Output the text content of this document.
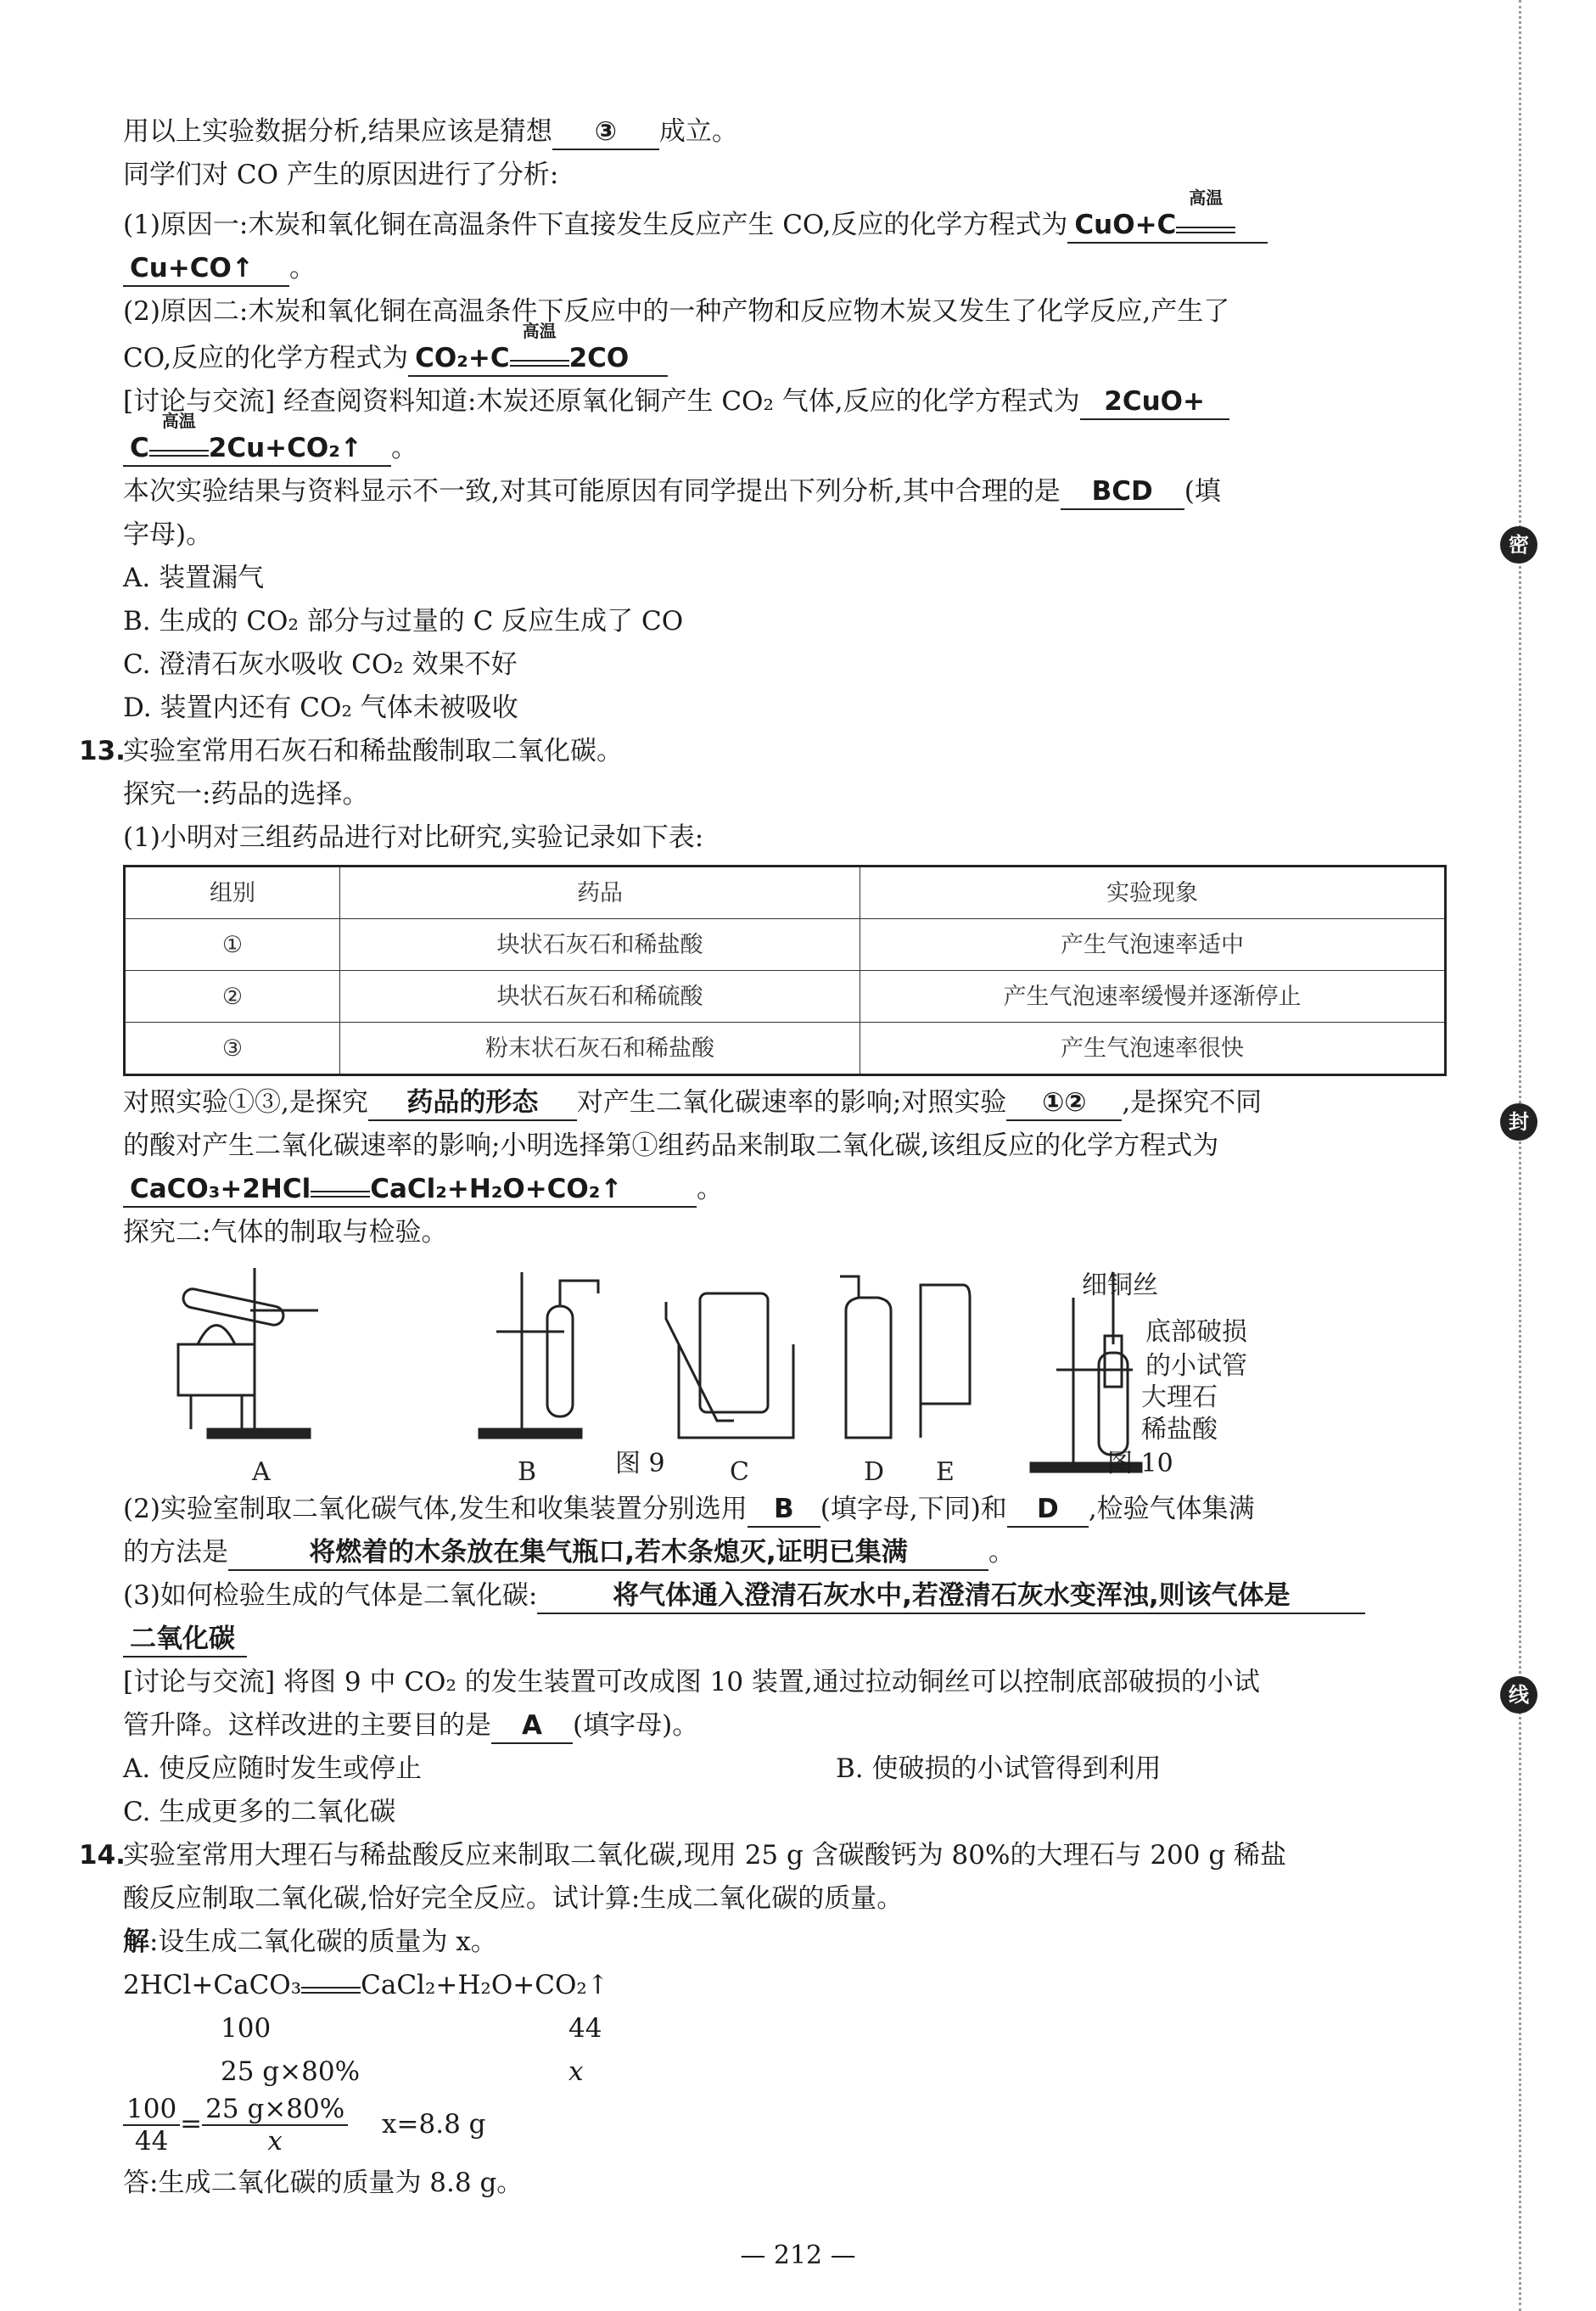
密
封
线
用以上实验数据分析,结果应该是猜想 ③ 成立。
同学们对 CO 产生的原因进行了分析:
(1)原因一:木炭和氧化铜在高温条件下直接发生反应产生 CO,反应的化学方程式为 CuO+C
高温
Cu+CO↑ 。
(2)原因二:木炭和氧化铜在高温条件下反应中的一种产物和反应物木炭又发生了化学反应,产生了
CO,反应的化学方程式为 CO₂+C
高温
2CO
[讨论与交流] 经查阅资料知道:木炭还原氧化铜产生 CO₂ 气体,反应的化学方程式为 2CuO+
C
高温
2Cu+CO₂↑ 。
本次实验结果与资料显示不一致,对其可能原因有同学提出下列分析,其中合理的是 BCD (填
字母)。
A. 装置漏气
B. 生成的 CO₂ 部分与过量的 C 反应生成了 CO
C. 澄清石灰水吸收 CO₂ 效果不好
D. 装置内还有 CO₂ 气体未被吸收
13.
实验室常用石灰石和稀盐酸制取二氧化碳。
探究一:药品的选择。
(1)小明对三组药品进行对比研究,实验记录如下表:
组别	药品	实验现象
①	块状石灰石和稀盐酸	产生气泡速率适中
②	块状石灰石和稀硫酸	产生气泡速率缓慢并逐渐停止
③	粉末状石灰石和稀盐酸	产生气泡速率很快
对照实验①③,是探究 药品的形态 对产生二氧化碳速率的影响;对照实验 ①② ,是探究不同
的酸对产生二氧化碳速率的影响;小明选择第①组药品来制取二氧化碳,该组反应的化学方程式为
CaCO₃+2HCl CaCl₂+H₂O+CO₂↑	。
探究二:气体的制取与检验。
A	B	C	D E
细铜丝
底部破损
的小试管
大理石
稀盐酸
图 9	图 10
(2)实验室制取二氧化碳气体,发生和收集装置分别选用 B (填字母,下同)和 D ,检验气体集满
的方法是	将燃着的木条放在集气瓶口,若木条熄灭,证明已集满	。
(3)如何检验生成的气体是二氧化碳:	将气体通入澄清石灰水中,若澄清石灰水变浑浊,则该气体是
二氧化碳
[讨论与交流] 将图 9 中 CO₂ 的发生装置可改成图 10 装置,通过拉动铜丝可以控制底部破损的小试
管升降。这样改进的主要目的是 A (填字母)。
A. 使反应随时发生或停止	B. 使破损的小试管得到利用
C. 生成更多的二氧化碳
14.
实验室常用大理石与稀盐酸反应来制取二氧化碳,现用 25 g 含碳酸钙为 80%的大理石与 200 g 稀盐
酸反应制取二氧化碳,恰好完全反应。试计算:生成二氧化碳的质量。
解:设生成二氧化碳的质量为 x。
2HCl+CaCO₃ CaCl₂+H₂O+CO₂↑
100	44
25 g×80%	x
$\frac{100}{44} = \frac{25 g\times 80\%}{x} x=8.8$ g
答:生成二氧化碳的质量为 8.8 g。
— 212 —
